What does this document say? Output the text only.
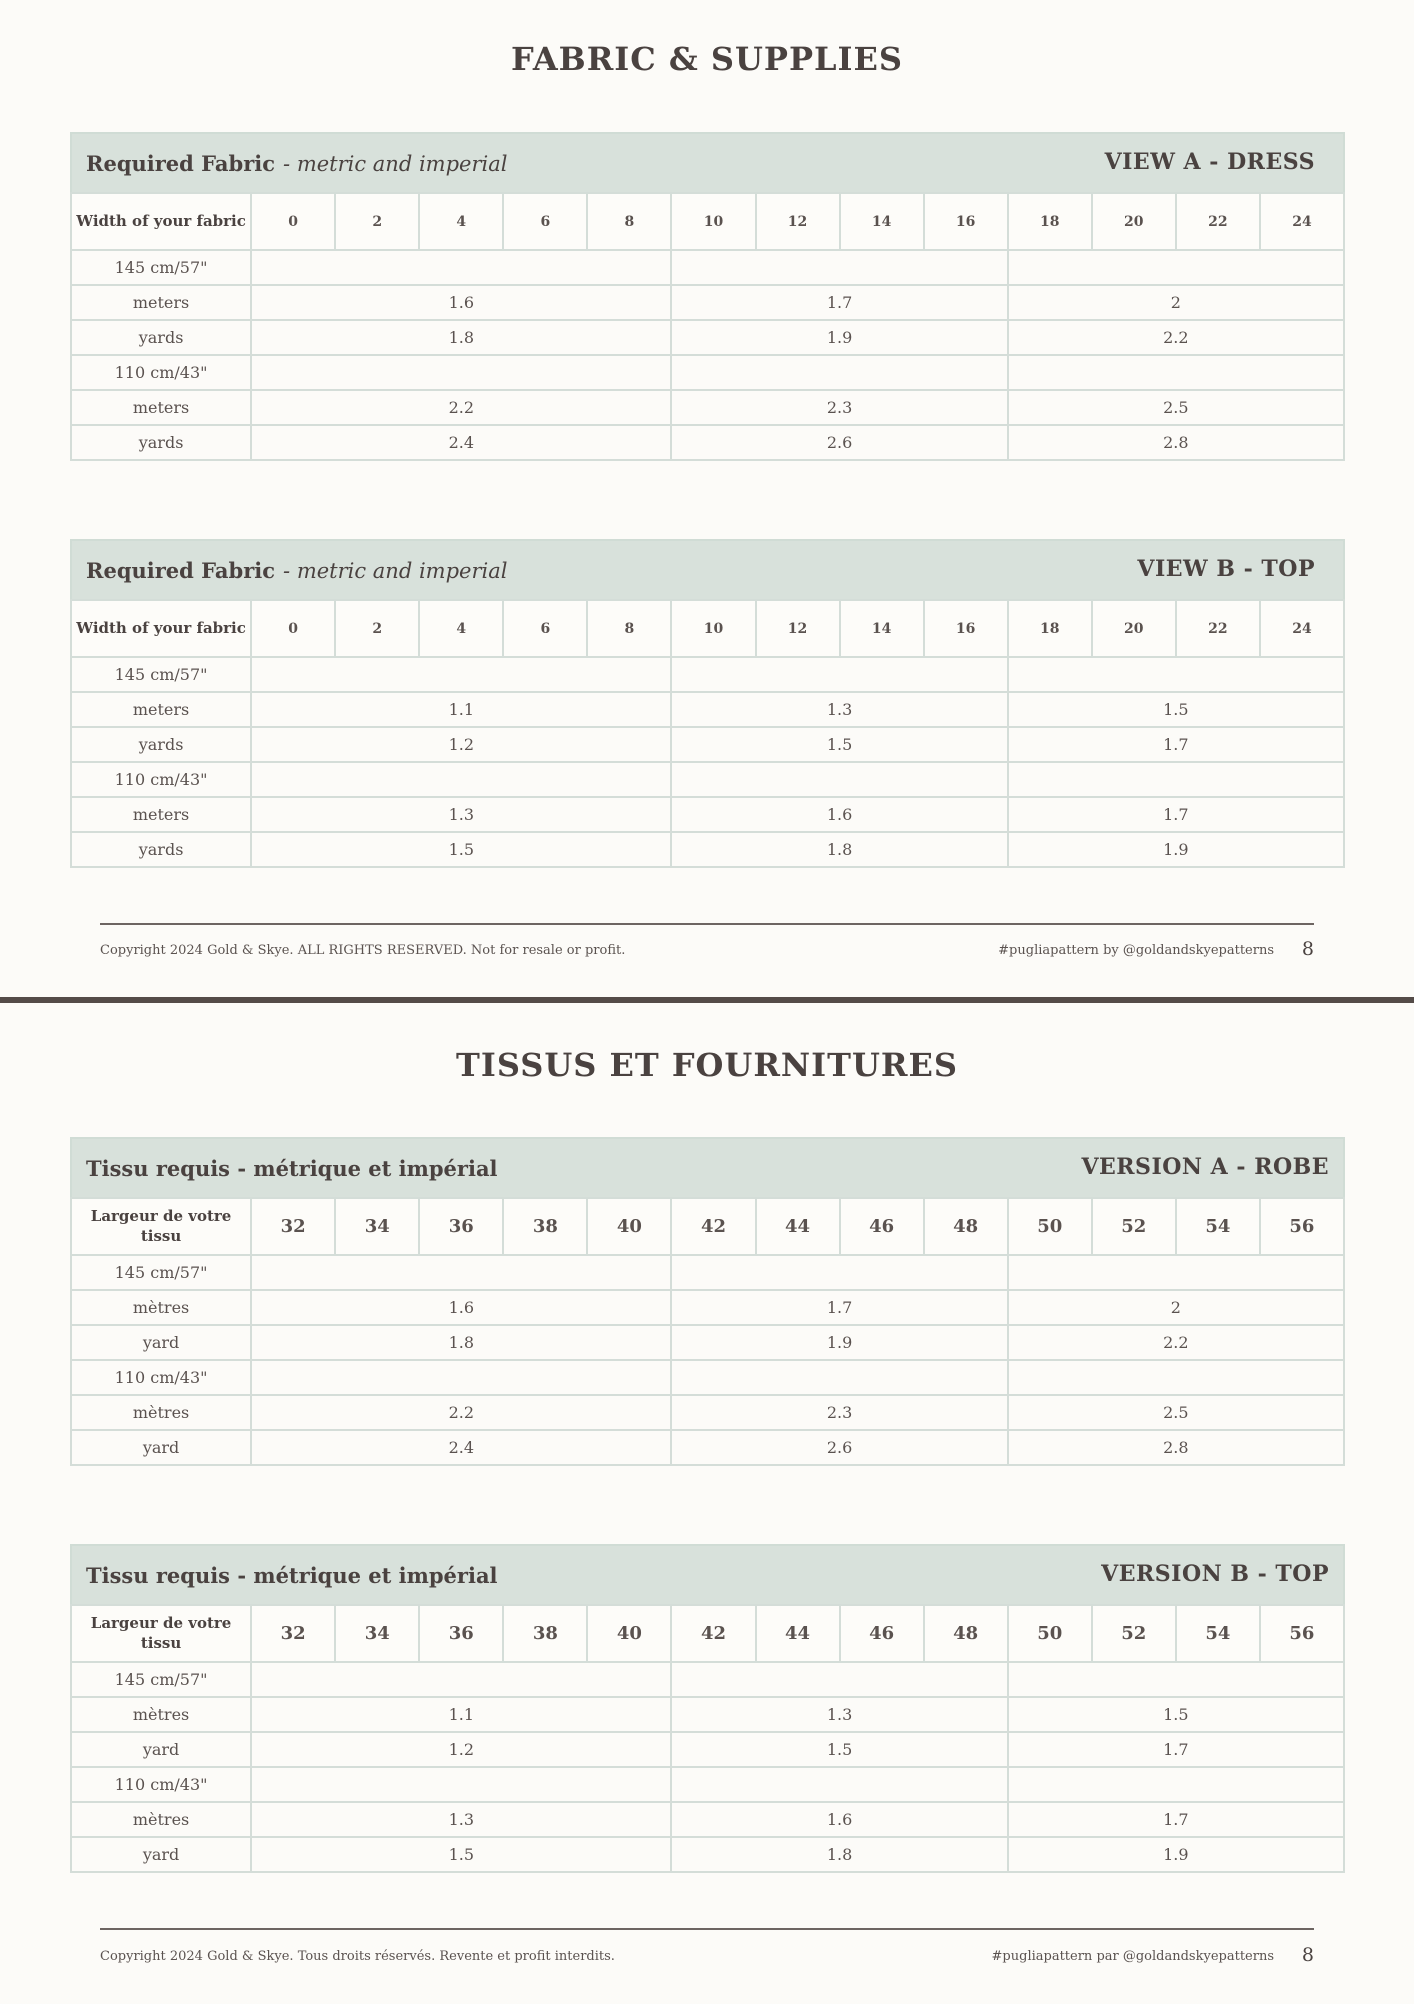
FABRIC & SUPPLIES
Required Fabric - metric and imperial	VIEW A - DRESS
Width of your fabric	0	2	4	6	8	10	12	14	16	18	20	22	24
145 cm/57"													
meters	1.6					1.7				2			
yards	1.8					1.9				2.2			
110 cm/43"													
meters	2.2					2.3				2.5			
yards	2.4					2.6				2.8			
Required Fabric - metric and imperial	VIEW B - TOP
Width of your fabric	0	2	4	6	8	10	12	14	16	18	20	22	24
145 cm/57"													
meters	1.1					1.3				1.5			
yards	1.2					1.5				1.7			
110 cm/43"													
meters	1.3					1.6				1.7			
yards	1.5					1.8				1.9			
Copyright 2024 Gold & Skye. ALL RIGHTS RESERVED. Not for resale or profit.	#pugliapattern by @goldandskyepatterns 8
TISSUS ET FOURNITURES
Tissu requis - métrique et impérial	VERSION A - ROBE
Largeur de votre tissu	32	34	36	38	40	42	44	46	48	50	52	54	56
145 cm/57"													
mètres	1.6					1.7				2			
yard	1.8					1.9				2.2			
110 cm/43"													
mètres	2.2					2.3				2.5			
yard	2.4					2.6				2.8			
Tissu requis - métrique et impérial	VERSION B - TOP
Largeur de votre tissu	32	34	36	38	40	42	44	46	48	50	52	54	56
145 cm/57"													
mètres	1.1					1.3				1.5			
yard	1.2					1.5				1.7			
110 cm/43"													
mètres	1.3					1.6				1.7			
yard	1.5					1.8				1.9			
Copyright 2024 Gold & Skye. Tous droits réservés. Revente et profit interdits.	#pugliapattern par @goldandskyepatterns 8
